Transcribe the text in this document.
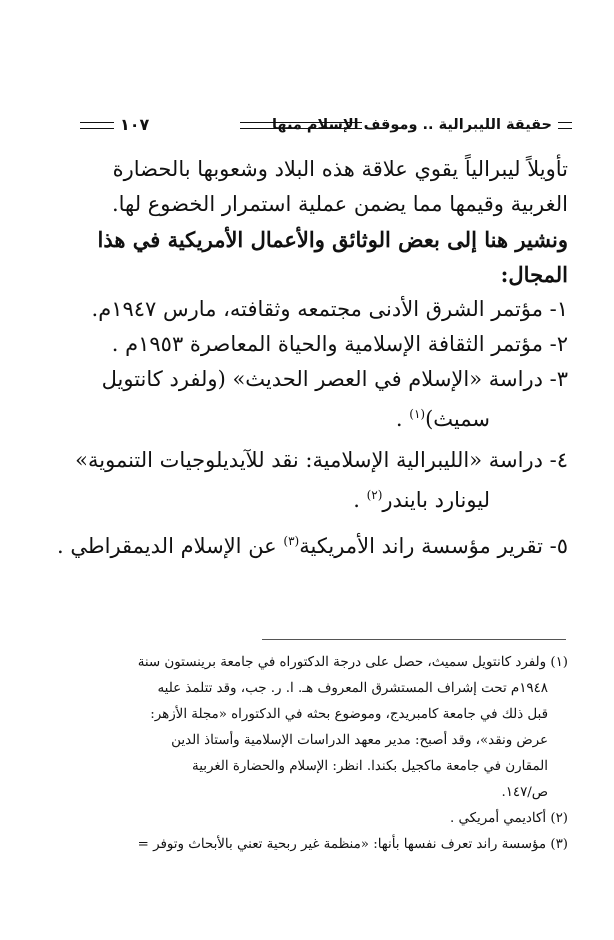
حقيقة الليبرالية .. وموقف الإسلام منها
١٠٧

تأويلاً ليبرالياً يقوي علاقة هذه البلاد وشعوبها بالحضارة
الغربية وقيمها مما يضمن عملية استمرار الخضوع لها.

ونشير هنا إلى بعض الوثائق والأعمال الأمريكية في هذا
المجال:

١- مؤتمر الشرق الأدنى مجتمعه وثقافته، مارس ١٩٤٧م.

٢- مؤتمر الثقافة الإسلامية والحياة المعاصرة ١٩٥٣م .

٣- دراسة «الإسلام في العصر الحديث» (ولفرد كانتويل
سميث)$^{(١)}$ .

٤- دراسة «الليبرالية الإسلامية: نقد للآيديلوجيات التنموية»
ليونارد بايندر$^{(٢)}$ .

٥- تقرير مؤسسة راند الأمريكية$^{(٣)}$ عن الإسلام الديمقراطي .

(١) ولفرد كانتويل سميث، حصل على درجة الدكتوراه في جامعة برينستون سنة
١٩٤٨م تحت إشراف المستشرق المعروف هـ. ا. ر. جب، وقد تتلمذ عليه
قبل ذلك في جامعة كامبريدج، وموضوع بحثه في الدكتوراه «مجلة الأزهر:
عرض ونقد»، وقد أصبح: مدير معهد الدراسات الإسلامية وأستاذ الدين
المقارن في جامعة ماكجيل بكندا. انظر: الإسلام والحضارة الغربية
ص/١٤٧.

(٢) أكاديمي أمريكي .

(٣) مؤسسة راند تعرف نفسها بأنها: «منظمة غير ربحية تعني بالأبحاث وتوفر =
